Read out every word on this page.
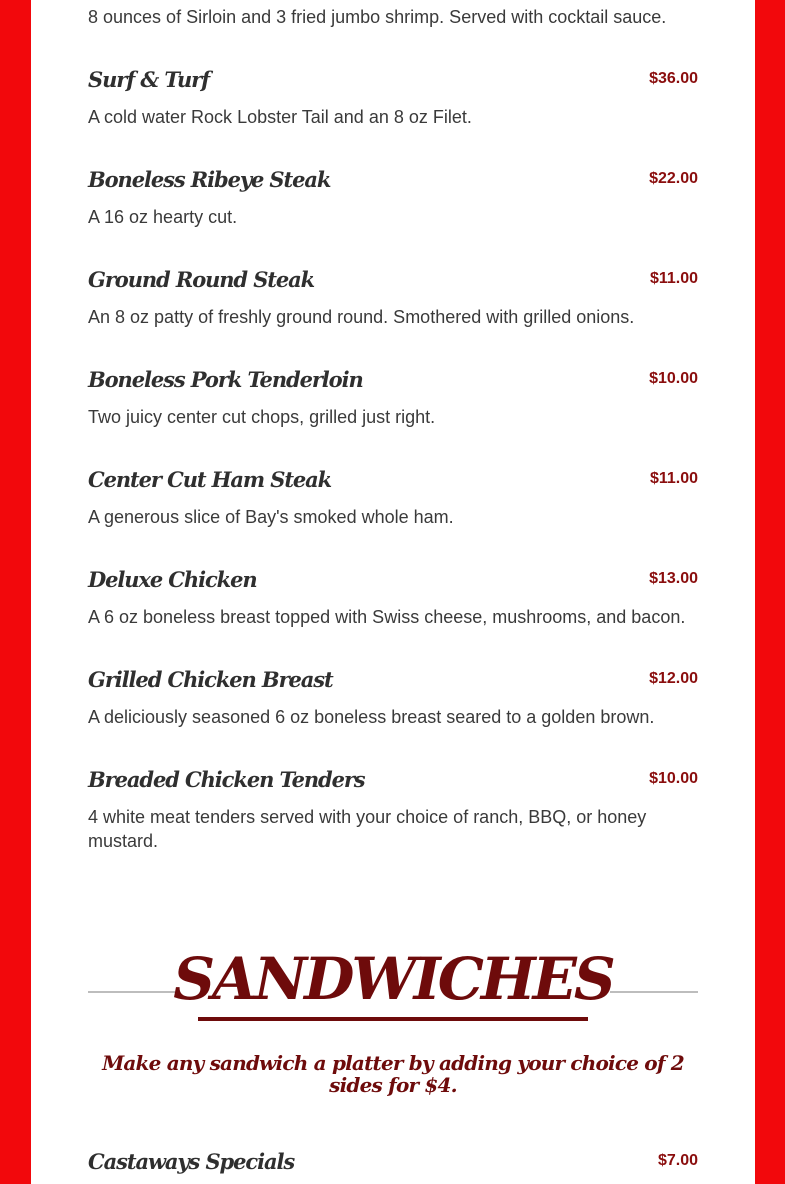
8 ounces of Sirloin and 3 fried jumbo shrimp. Served with cocktail sauce.

Surf & Turf	$36.00
A cold water Rock Lobster Tail and an 8 oz Filet.
Boneless Ribeye Steak	$22.00
A 16 oz hearty cut.
Ground Round Steak	$11.00
An 8 oz patty of freshly ground round. Smothered with grilled onions.
Boneless Pork Tenderloin	$10.00
Two juicy center cut chops, grilled just right.
Center Cut Ham Steak	$11.00
A generous slice of Bay's smoked whole ham.
Deluxe Chicken	$13.00
A 6 oz boneless breast topped with Swiss cheese, mushrooms, and bacon.
Grilled Chicken Breast	$12.00
A deliciously seasoned 6 oz boneless breast seared to a golden brown.
Breaded Chicken Tenders	$10.00
4 white meat tenders served with your choice of ranch, BBQ, or honey mustard.
SANDWICHES
Make any sandwich a platter by adding your choice of 2 sides for $4.
Castaways Specials	$7.00
